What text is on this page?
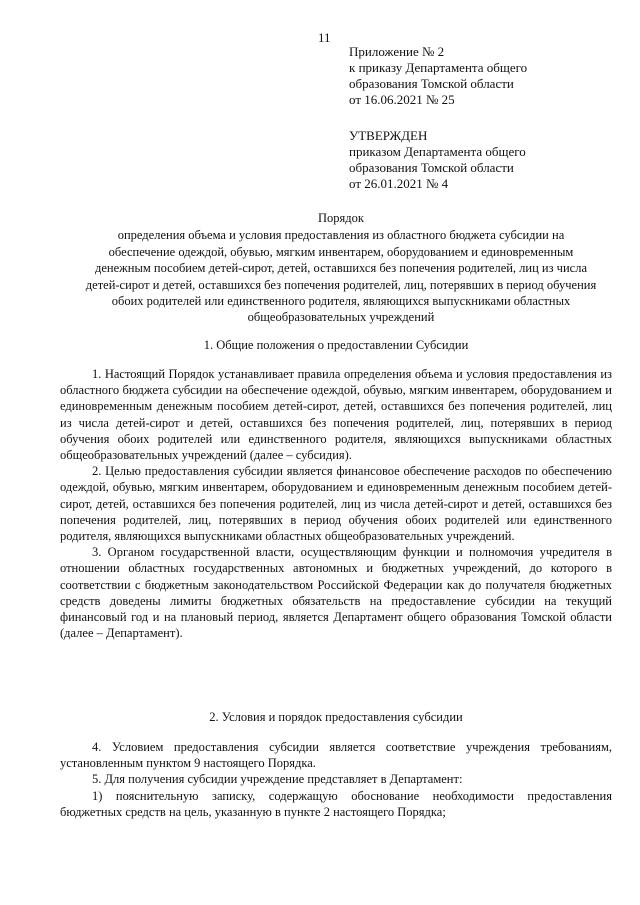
11
Приложение № 2
к приказу Департамента общего
образования Томской области
от 16.06.2021 № 25
УТВЕРЖДЕН
приказом Департамента общего
образования Томской области
от 26.01.2021 № 4
Порядок
определения объема и условия предоставления из областного бюджета субсидии на обеспечение одеждой, обувью, мягким инвентарем, оборудованием и единовременным денежным пособием детей-сирот, детей, оставшихся без попечения родителей, лиц из числа детей-сирот и детей, оставшихся без попечения родителей, лиц, потерявших в период обучения обоих родителей или единственного родителя, являющихся выпускниками областных общеобразовательных учреждений
1. Общие положения о предоставлении Субсидии

1. Настоящий Порядок устанавливает правила определения объема и условия предоставления из областного бюджета субсидии на обеспечение одеждой, обувью, мягким инвентарем, оборудованием и единовременным денежным пособием детей-сирот, детей, оставшихся без попечения родителей, лиц из числа детей-сирот и детей, оставшихся без попечения родителей, лиц, потерявших в период обучения обоих родителей или единственного родителя, являющихся выпускниками областных общеобразовательных учреждений (далее – субсидия).

2. Целью предоставления субсидии является финансовое обеспечение расходов по обеспечению одеждой, обувью, мягким инвентарем, оборудованием и единовременным денежным пособием детей-сирот, детей, оставшихся без попечения родителей, лиц из числа детей-сирот и детей, оставшихся без попечения родителей, лиц, потерявших в период обучения обоих родителей или единственного родителя, являющихся выпускниками областных общеобразовательных учреждений.

3. Органом государственной власти, осуществляющим функции и полномочия учредителя в отношении областных государственных автономных и бюджетных учреждений, до которого в соответствии с бюджетным законодательством Российской Федерации как до получателя бюджетных средств доведены лимиты бюджетных обязательств на предоставление субсидии на текущий финансовый год и на плановый период, является Департамент общего образования Томской области (далее – Департамент).

2. Условия и порядок предоставления субсидии

4. Условием предоставления субсидии является соответствие учреждения требованиям, установленным пунктом 9 настоящего Порядка.

5. Для получения субсидии учреждение представляет в Департамент:

1) пояснительную записку, содержащую обоснование необходимости предоставления бюджетных средств на цель, указанную в пункте 2 настоящего Порядка;
